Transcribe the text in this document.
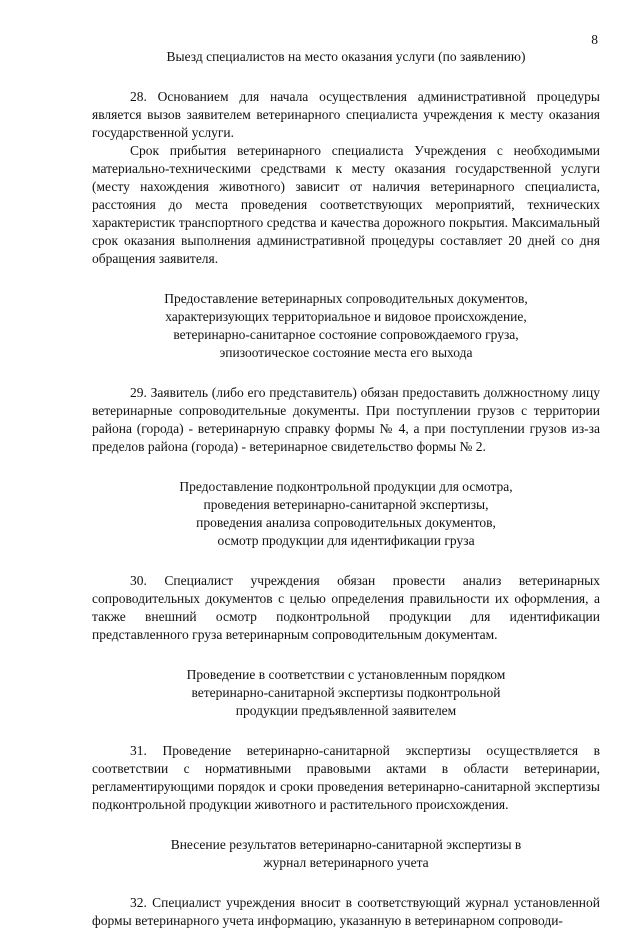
8
Выезд специалистов на место оказания услуги (по заявлению)

28. Основанием для начала осуществления административной процедуры является вызов заявителем ветеринарного специалиста учреждения к месту оказания государственной услуги.

Срок прибытия ветеринарного специалиста Учреждения с необходимыми материально-техническими средствами к месту оказания государственной услуги (месту нахождения животного) зависит от наличия ветеринарного специалиста, расстояния до места проведения соответствующих мероприятий, технических характеристик транспортного средства и качества дорожного покрытия. Максимальный срок оказания выполнения административной процедуры составляет 20 дней со дня обращения заявителя.

Предоставление ветеринарных сопроводительных документов,
характеризующих территориальное и видовое происхождение,
ветеринарно-санитарное состояние сопровождаемого груза,
эпизоотическое состояние места его выхода

29. Заявитель (либо его представитель) обязан предоставить должностному лицу ветеринарные сопроводительные документы. При поступлении грузов с территории района (города) - ветеринарную справку формы № 4, а при поступлении грузов из-за пределов района (города) - ветеринарное свидетельство формы № 2.

Предоставление подконтрольной продукции для осмотра,
проведения ветеринарно-санитарной экспертизы,
проведения анализа сопроводительных документов,
осмотр продукции для идентификации груза

30. Специалист учреждения обязан провести анализ ветеринарных сопроводительных документов с целью определения правильности их оформления, а также внешний осмотр подконтрольной продукции для идентификации представленного груза ветеринарным сопроводительным документам.

Проведение в соответствии с установленным порядком
ветеринарно-санитарной экспертизы подконтрольной
продукции предъявленной заявителем

31. Проведение ветеринарно-санитарной экспертизы осуществляется в соответствии с нормативными правовыми актами в области ветеринарии, регламентирующими порядок и сроки проведения ветеринарно-санитарной экспертизы подконтрольной продукции животного и растительного происхождения.

Внесение результатов ветеринарно-санитарной экспертизы в
журнал ветеринарного учета

32. Специалист учреждения вносит в соответствующий журнал установленной формы ветеринарного учета информацию, указанную в ветеринарном сопроводи-
